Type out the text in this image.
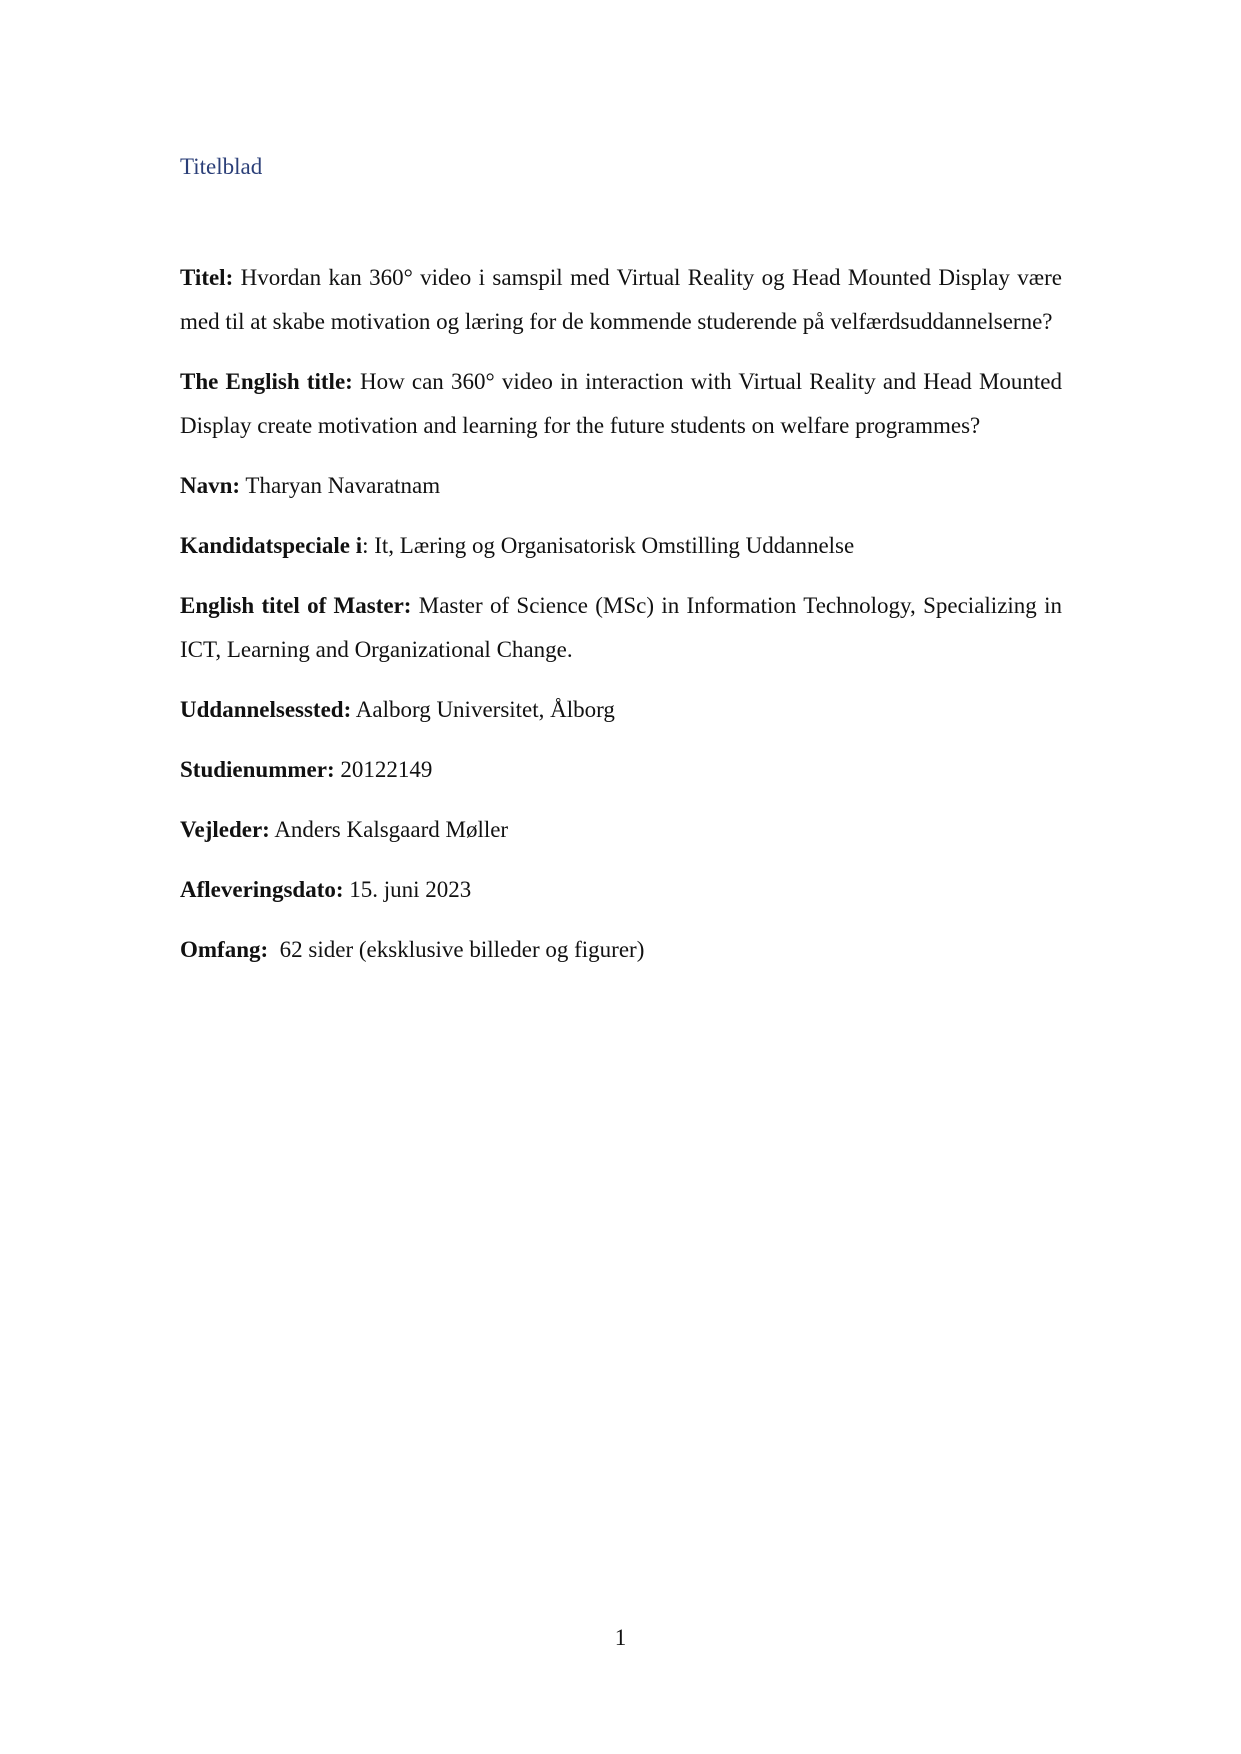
Titelblad

Titel: Hvordan kan 360° video i samspil med Virtual Reality og Head Mounted Display være med til at skabe motivation og læring for de kommende studerende på velfærdsuddannelserne?

The English title: How can 360° video in interaction with Virtual Reality and Head Mounted Display create motivation and learning for the future students on welfare programmes?

Navn: Tharyan Navaratnam

Kandidatspeciale i: It, Læring og Organisatorisk Omstilling Uddannelse

English titel of Master: Master of Science (MSc) in Information Technology, Specializing in ICT, Learning and Organizational Change.

Uddannelsessted: Aalborg Universitet, Ålborg

Studienummer: 20122149

Vejleder: Anders Kalsgaard Møller

Afleveringsdato: 15. juni 2023

Omfang:  62 sider (eksklusive billeder og figurer)

1
